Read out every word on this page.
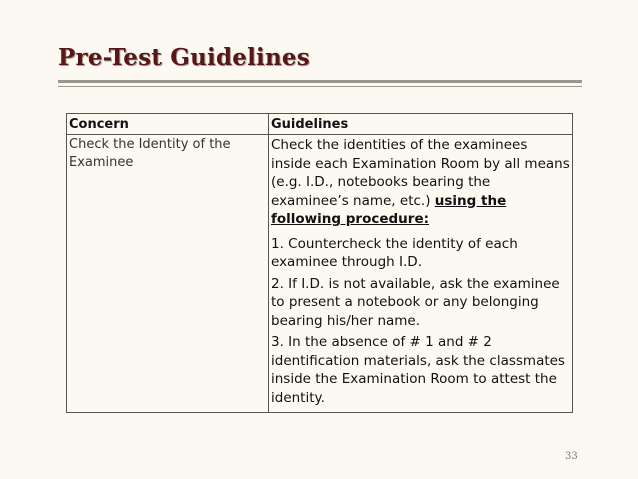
Pre-Test Guidelines
Concern	Guidelines
Check the Identity of the Examinee	Check the identities of the examinees inside each Examination Room by all means (e.g. I.D., notebooks bearing the examinee’s name, etc.) using the following procedure:

1. Countercheck the identity of each examinee through I.D.

2. If I.D. is not available, ask the examinee to present a notebook or any belonging bearing his/her name.

3. In the absence of # 1 and # 2 identification materials, ask the classmates inside the Examination Room to attest the identity.

33
